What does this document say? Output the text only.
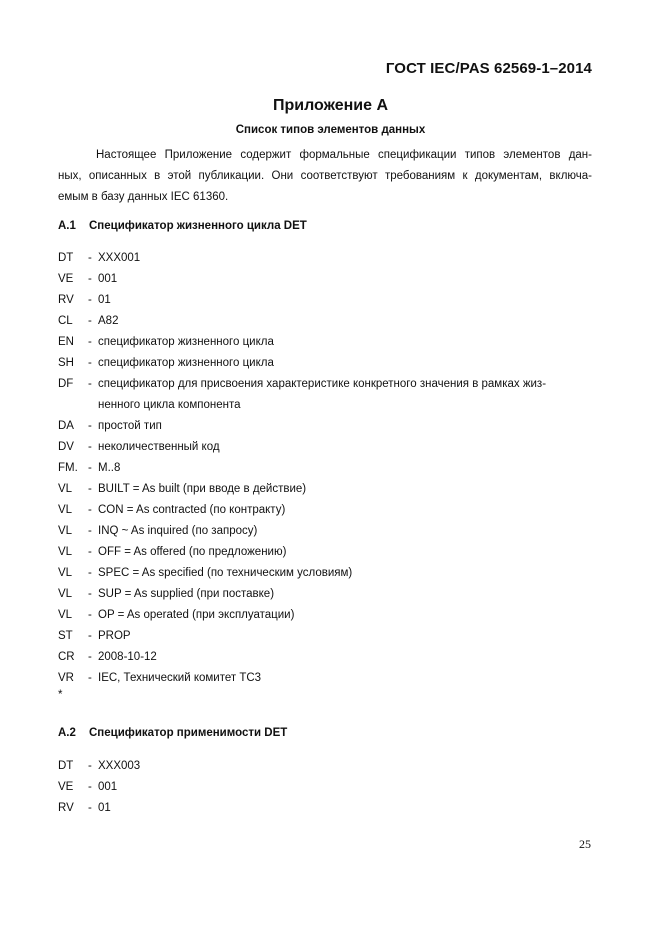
ГОСТ IEC/PAS 62569-1–2014
Приложение А
Список типов элементов данных
Настоящее Приложение содержит формальные спецификации типов элементов дан-
ных, описанных в этой публикации. Они соответствуют требованиям к документам, включа-
емым в базу данных IEC 61360.
А.1 Спецификатор жизненного цикла DET
DT	- XXX001
VE	- 001
RV	- 01
CL	- A82
EN	- спецификатор жизненного цикла
SH	- спецификатор жизненного цикла
DF	- спецификатор для присвоения характеристике конкретного значения в рамках жиз-
ненного цикла компонента
DA	- простой тип
DV	- неколичественный код
FM. - M..8
VL	- BUILT = As built (при вводе в действие)
VL	- CON = As contracted (по контракту)
VL	- INQ ~ As inquired (по запросу)
VL	- OFF = As offered (по предложению)
VL	- SPEC = As specified (по техническим условиям)
VL	- SUP = As supplied (при поставке)
VL	- OP = As operated (при эксплуатации)
ST	- PROP
CR	- 2008-10-12
VR	- IEC, Технический комитет ТС3
*
А.2 Спецификатор применимости DET
DT	- XXX003
VE	- 001
RV	- 01
25
